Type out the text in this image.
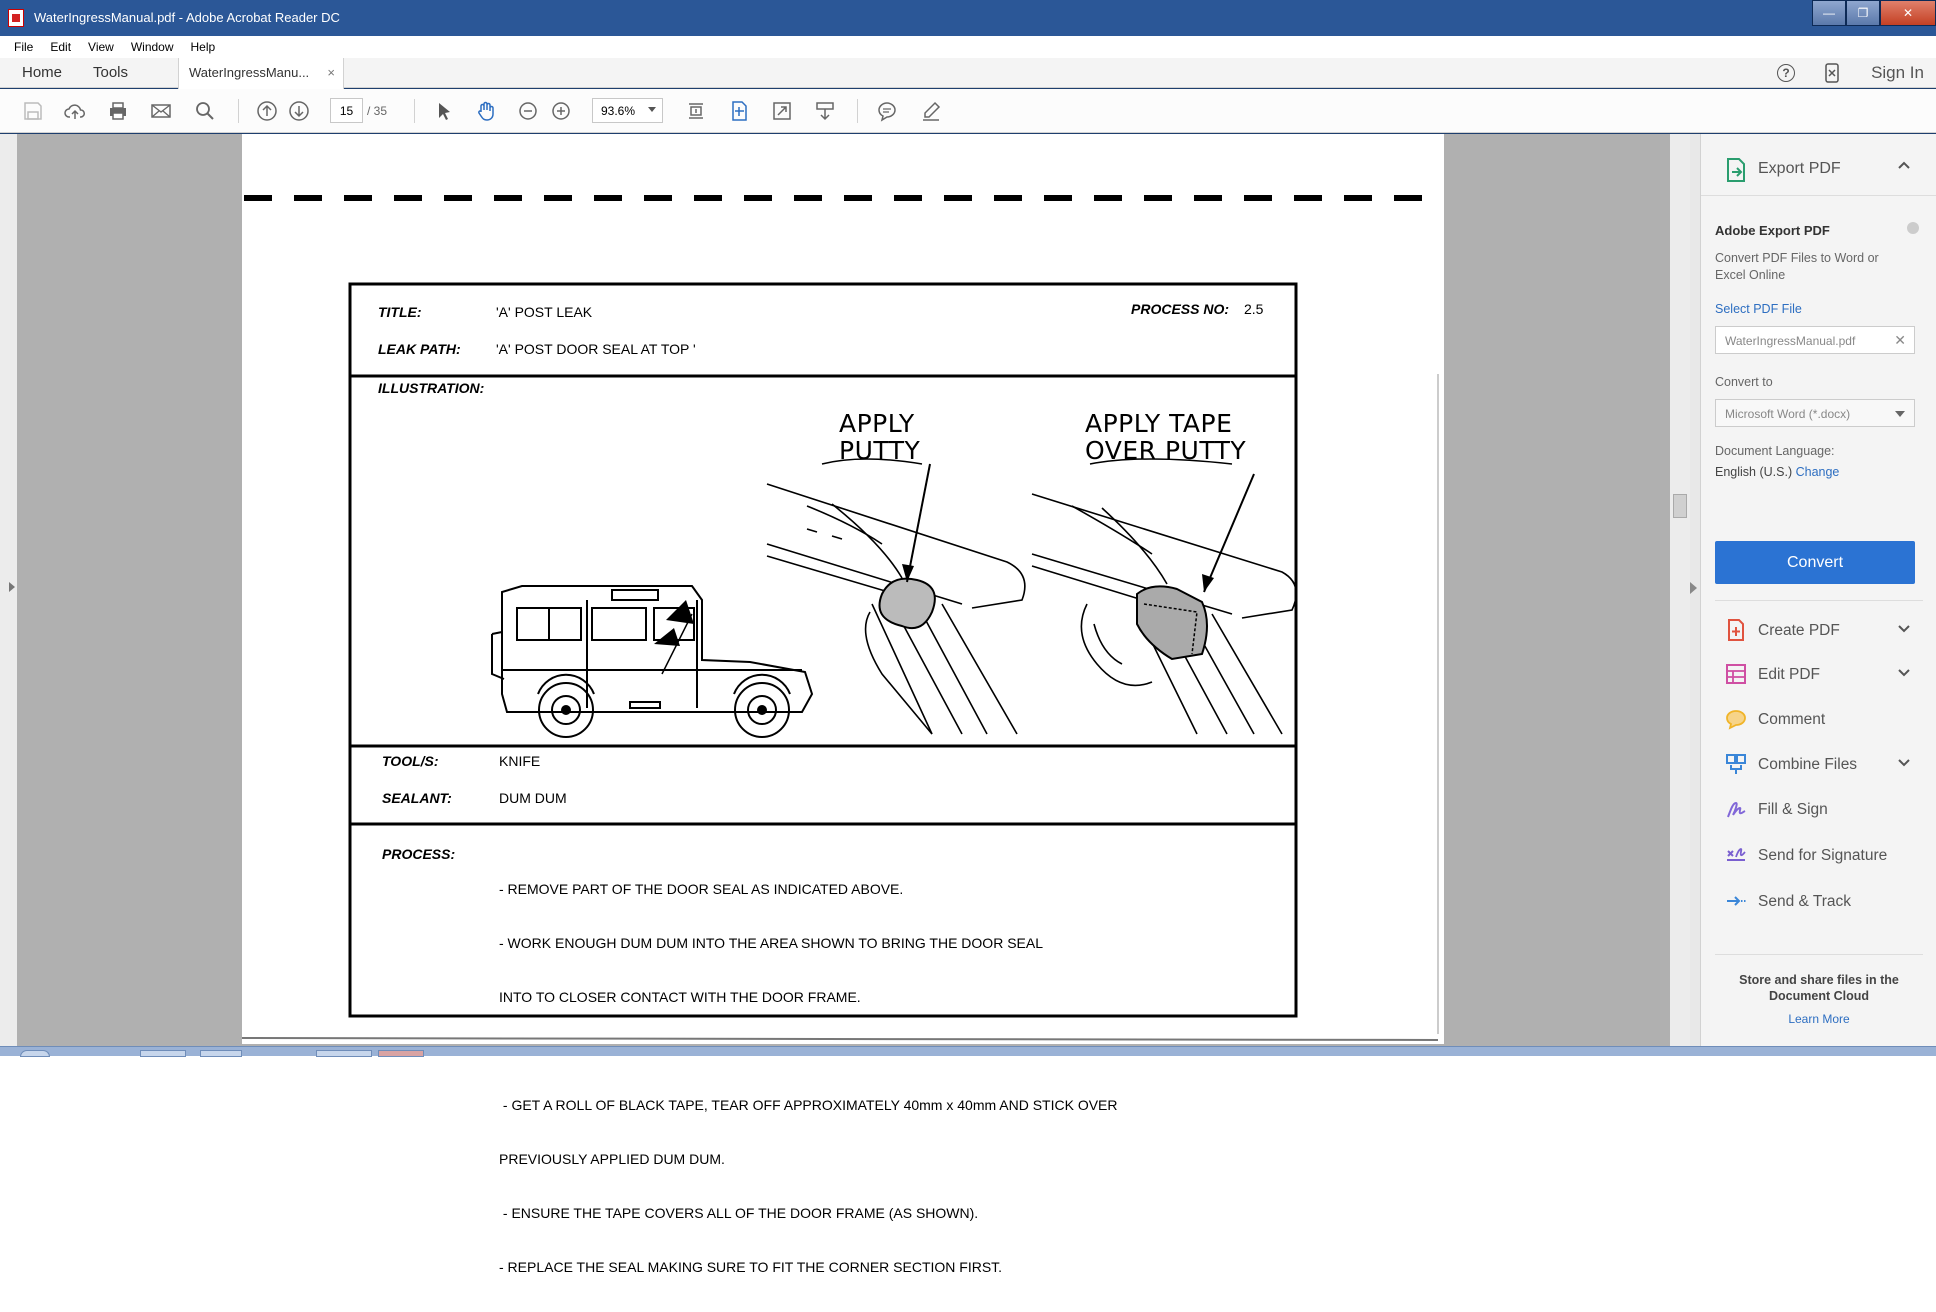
WaterIngressManual.pdf - Adobe Acrobat Reader DC	—	❐	✕
File Edit View Window Help
Home Tools	WaterIngressManu... ×	?	Sign In
15
/ 35	93.6%
TITLE:	'A' POST LEAK
LEAK PATH:	'A' POST DOOR SEAL AT TOP '
PROCESS NO: 2.5
ILLUSTRATION:
APPLY
PUTTY
APPLY TAPE
OVER PUTTY
TOOL/S:	KNIFE
SEALANT:	DUM DUM
PROCESS:

- REMOVE PART OF THE DOOR SEAL AS INDICATED ABOVE.

- WORK ENOUGH DUM DUM INTO THE AREA SHOWN TO BRING THE DOOR SEAL

INTO TO CLOSER CONTACT WITH THE DOOR FRAME.

- GET A ROLL OF BLACK TAPE, TEAR OFF APPROXIMATELY 40mm x 40mm AND STICK OVER

PREVIOUSLY APPLIED DUM DUM.

- ENSURE THE TAPE COVERS ALL OF THE DOOR FRAME (AS SHOWN).

- REPLACE THE SEAL MAKING SURE TO FIT THE CORNER SECTION FIRST.

Export PDF
Adobe Export PDF
Convert PDF Files to Word or Excel Online
Select PDF File
WaterIngressManual.pdf	✕
Convert to
Microsoft Word (*.docx)
Document Language:
English (U.S.) Change
Convert
Create PDF
Edit PDF
Comment
Combine Files
Fill & Sign
Send for Signature
Send & Track
Store and share files in the Document Cloud
Learn More
